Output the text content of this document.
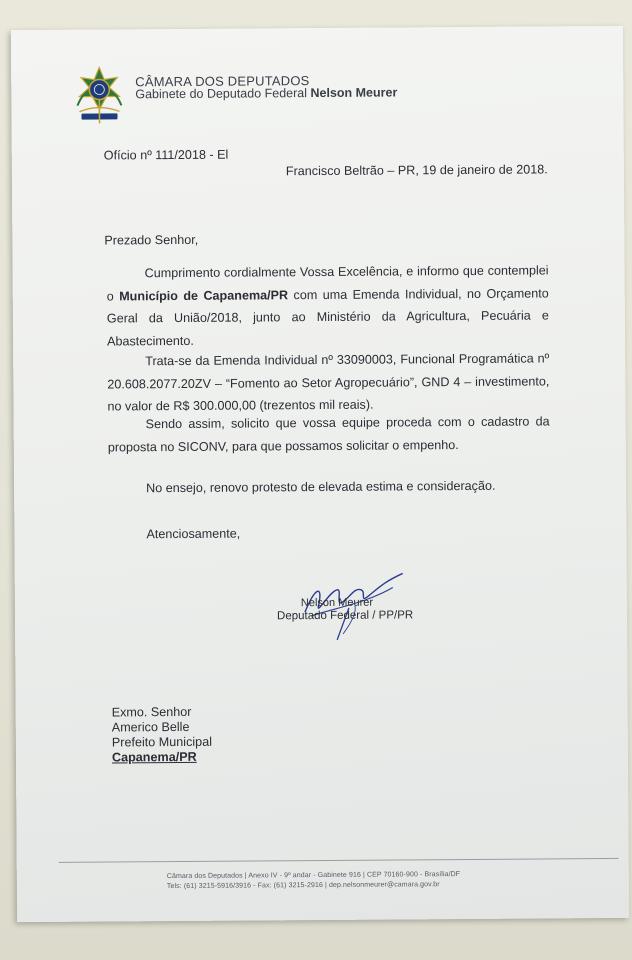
CÂMARA DOS DEPUTADOS
Gabinete do Deputado Federal Nelson Meurer
Ofício nº 111/2018 - El
Francisco Beltrão – PR, 19 de janeiro de 2018.
Prezado Senhor,
Cumprimento cordialmente Vossa Excelência, e informo que contemplei o Município de Capanema/PR com uma Emenda Individual, no Orçamento Geral da União/2018, junto ao Ministério da Agricultura, Pecuária e Abastecimento.
Trata-se da Emenda Individual nº 33090003, Funcional Programática nº 20.608.2077.20ZV – “Fomento ao Setor Agropecuário”, GND 4 – investimento, no valor de R$ 300.000,00 (trezentos mil reais).
Sendo assim, solicito que vossa equipe proceda com o cadastro da proposta no SICONV, para que possamos solicitar o empenho.
No ensejo, renovo protesto de elevada estima e consideração.
Atenciosamente,
Nelson Meurer
Deputado Federal / PP/PR
Exmo. Senhor
Americo Belle
Prefeito Municipal
Capanema/PR
Câmara dos Deputados | Anexo IV - 9º andar - Gabinete 916 | CEP 70160-900 - Brasília/DF
Tels: (61) 3215-5916/3916 - Fax: (61) 3215-2916 | dep.nelsonmeurer@camara.gov.br
